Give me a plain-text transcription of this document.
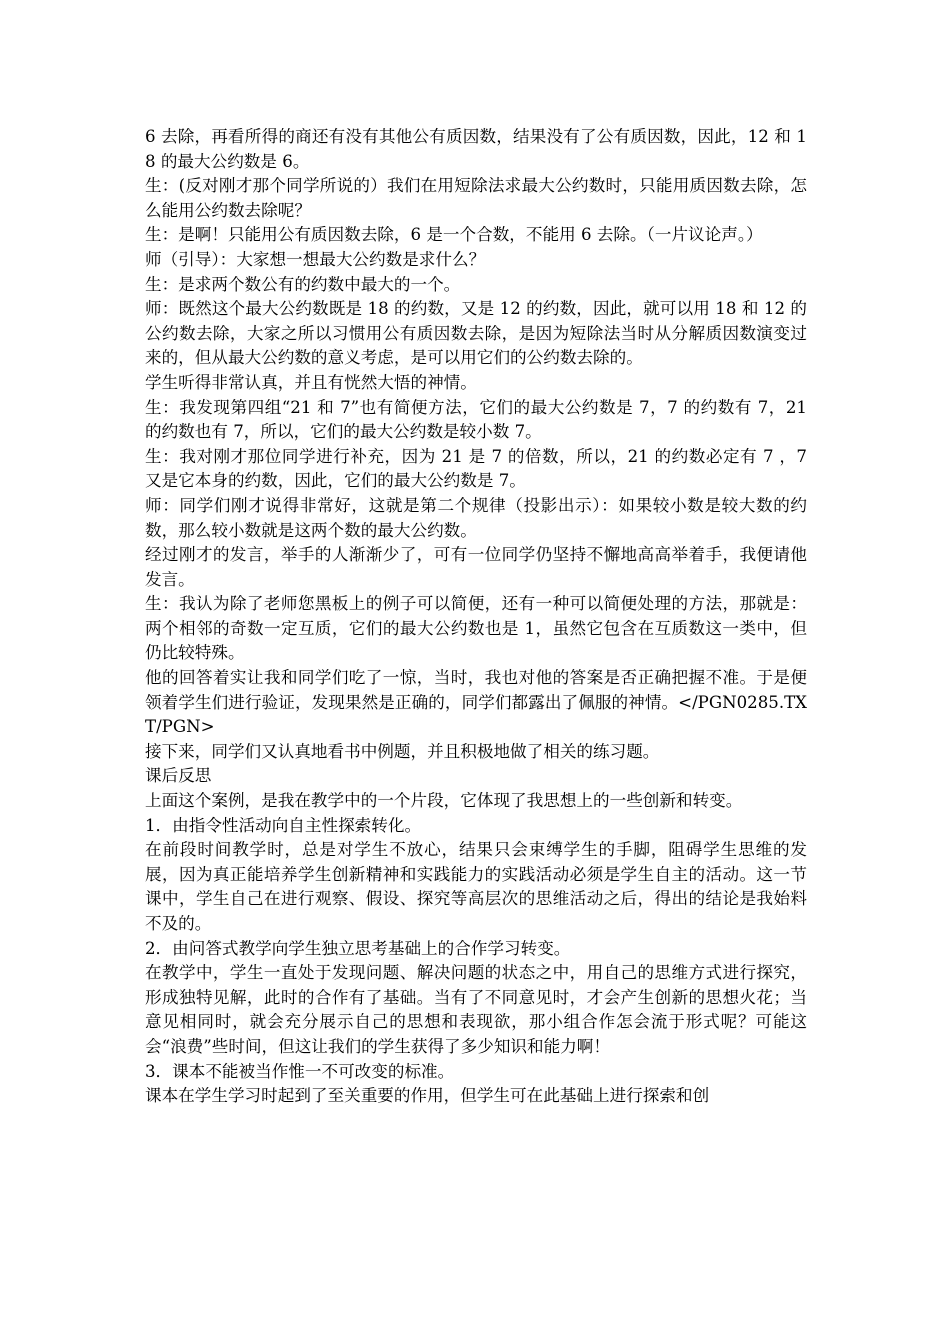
6 去除，再看所得的商还有没有其他公有质因数，结果没有了公有质因数，因此，12 和 18 的最大公约数是 6。

生：(反对刚才那个同学所说的）我们在用短除法求最大公约数时，只能用质因数去除，怎么能用公约数去除呢？

生：是啊！只能用公有质因数去除，6 是一个合数，不能用 6 去除。（一片议论声。）

师（引导）：大家想一想最大公约数是求什么？

生：是求两个数公有的约数中最大的一个。

师：既然这个最大公约数既是 18 的约数，又是 12 的约数，因此，就可以用 18 和 12 的公约数去除，大家之所以习惯用公有质因数去除，是因为短除法当时从分解质因数演变过来的，但从最大公约数的意义考虑，是可以用它们的公约数去除的。

学生听得非常认真，并且有恍然大悟的神情。

生：我发现第四组“21 和 7”也有简便方法，它们的最大公约数是 7，7 的约数有 7，21 的约数也有 7，所以，它们的最大公约数是较小数 7。

生：我对刚才那位同学进行补充，因为 21 是 7 的倍数，所以，21 的约数必定有 7 ，7 又是它本身的约数，因此，它们的最大公约数是 7。

师：同学们刚才说得非常好，这就是第二个规律（投影出示）：如果较小数是较大数的约数，那么较小数就是这两个数的最大公约数。

经过刚才的发言，举手的人渐渐少了，可有一位同学仍坚持不懈地高高举着手，我便请他发言。

生：我认为除了老师您黑板上的例子可以简便，还有一种可以简便处理的方法，那就是：两个相邻的奇数一定互质，它们的最大公约数也是 1，虽然它包含在互质数这一类中，但仍比较特殊。

他的回答着实让我和同学们吃了一惊，当时，我也对他的答案是否正确把握不准。于是便领着学生们进行验证，发现果然是正确的，同学们都露出了佩服的神情。</PGN0285.TXT/PGN>

接下来，同学们又认真地看书中例题，并且积极地做了相关的练习题。

课后反思

上面这个案例，是我在教学中的一个片段，它体现了我思想上的一些创新和转变。

1．由指令性活动向自主性探索转化。

在前段时间教学时，总是对学生不放心，结果只会束缚学生的手脚，阻碍学生思维的发展，因为真正能培养学生创新精神和实践能力的实践活动必须是学生自主的活动。这一节课中，学生自己在进行观察、假设、探究等高层次的思维活动之后，得出的结论是我始料不及的。

2．由问答式教学向学生独立思考基础上的合作学习转变。

在教学中，学生一直处于发现问题、解决问题的状态之中，用自己的思维方式进行探究，形成独特见解，此时的合作有了基础。当有了不同意见时，才会产生创新的思想火花；当意见相同时，就会充分展示自己的思想和表现欲，那小组合作怎会流于形式呢？可能这会“浪费”些时间，但这让我们的学生获得了多少知识和能力啊！

3．课本不能被当作惟一不可改变的标准。

课本在学生学习时起到了至关重要的作用，但学生可在此基础上进行探索和创
